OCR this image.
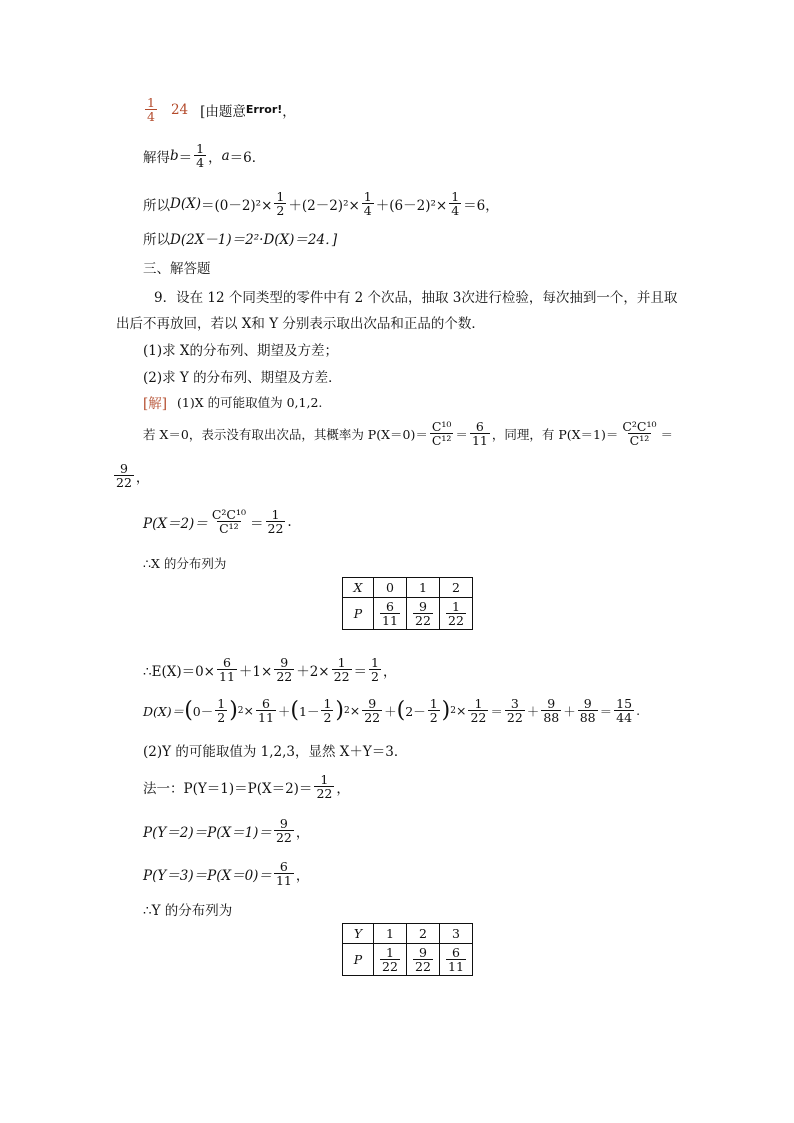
$\frac{1}{4} 24$ [由题意 Error! ，
解得 $b = \frac{1}{4}$ ， a ＝6．
所以 $D(X) =(0-2)^2\times \frac{1}{2} +(2-2)^2\times \frac{1}{4} +(6-2)^2\times \frac{1}{4} =6$，
所以 D(2X－1)＝2²·D(X)＝24．]
三、解答题
9．设在 12 个同类型的零件中有 2 个次品，抽取 3次进行检验，每次抽到一个，并且取
出后不再放回，若以 X和 Y 分别表示取出次品和正品的个数．
(1)求 X的分布列、期望及方差；
(2)求 Y 的分布列、期望及方差．
[解] (1)X 的可能取值为 0,1,2.
若 X＝0，表示没有取出次品，其概率为 $P(X=0)= \frac{\text{C¹⁰}}{\text{C¹²}} = \frac{6}{11}$ ，同理，有 $P(X=1)= \frac{\text{C²C¹⁰}}{\text{C¹²}}$ ＝
$\frac{9}{22}$ ，
$P(X=2)= \frac{\text{C²C¹⁰}}{\text{C¹²}} = \frac{1}{22}$ .
∴X 的分布列为
X	0	1	2
P	$\frac{6}{11}$	$\frac{9}{22}$	$\frac{1}{22}$
∴E(X)＝0× $\frac{6}{11} +1\times \frac{9}{22} +2\times \frac{1}{22} = \frac{1}{2}$ ，
D(X)＝ ( $0- \frac{1}{2}$ ) $2 \times \frac{6}{11}$ ＋ ( $1- \frac{1}{2}$ ) $2 \times \frac{9}{22}$ ＋ ( $2- \frac{1}{2}$ ) $2 \times \frac{1}{22} = \frac{3}{22} + \frac{9}{88} + \frac{9}{88} = \frac{15}{44}$ .
(2)Y 的可能取值为 1,2,3，显然 X＋Y＝3．
法一：$P(Y=1)=P(X=2)= \frac{1}{22}$ ，
$P(Y=2)=P(X=1)= \frac{9}{22}$ ，
$P(Y=3)=P(X=0)= \frac{6}{11}$ ，
∴Y 的分布列为
Y	1	2	3
P	$\frac{1}{22}$	$\frac{9}{22}$	$\frac{6}{11}$
